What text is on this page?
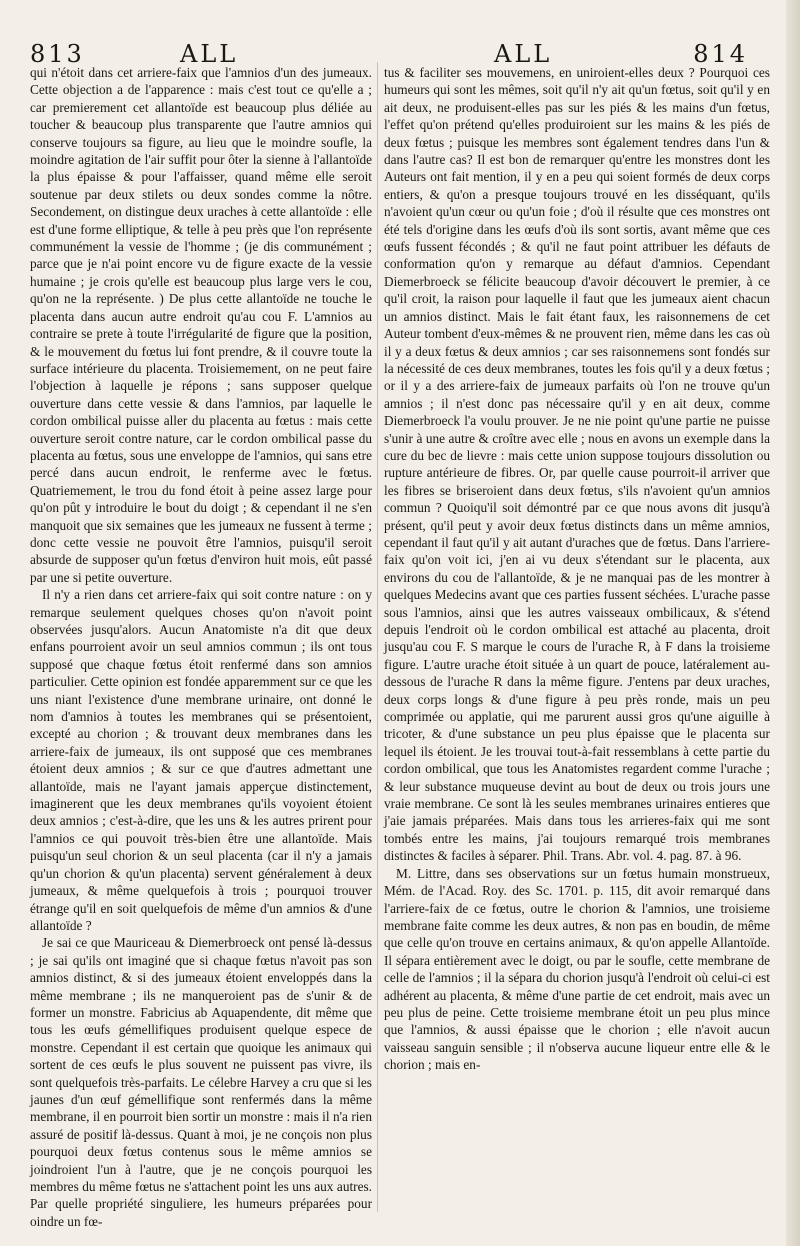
813	ALL	ALL	814

qui n'étoit dans cet arriere-faix que l'amnios d'un des jumeaux. Cette objection a de l'apparence : mais c'est tout ce qu'elle a ; car premierement cet allantoïde est beaucoup plus déliée au toucher & beaucoup plus transparente que l'autre amnios qui conserve toujours sa figure, au lieu que le moindre soufle, la moindre agitation de l'air suffit pour ôter la sienne à l'allantoïde la plus épaisse & pour l'affaisser, quand même elle seroit soutenue par deux stilets ou deux sondes comme la nôtre. Secondement, on distingue deux uraches à cette allantoïde : elle est d'une forme elliptique, & telle à peu près que l'on représente communément la vessie de l'homme ; (je dis communément ; parce que je n'ai point encore vu de figure exacte de la vessie humaine ; je crois qu'elle est beaucoup plus large vers le cou, qu'on ne la représente. ) De plus cette allantoïde ne touche le placenta dans aucun autre endroit qu'au cou F. L'amnios au contraire se prete à toute l'irrégularité de figure que la position, & le mouvement du fœtus lui font prendre, & il couvre toute la surface intérieure du placenta. Troisiemement, on ne peut faire l'objection à laquelle je répons ; sans supposer quelque ouverture dans cette vessie & dans l'amnios, par laquelle le cordon ombilical puisse aller du placenta au fœtus : mais cette ouverture seroit contre nature, car le cordon ombilical passe du placenta au fœtus, sous une enveloppe de l'amnios, qui sans etre percé dans aucun endroit, le renferme avec le fœtus. Quatriemement, le trou du fond étoit à peine assez large pour qu'on pût y introduire le bout du doigt ; & cependant il ne s'en manquoit que six semaines que les jumeaux ne fussent à terme ; donc cette vessie ne pouvoit être l'amnios, puisqu'il seroit absurde de supposer qu'un fœtus d'environ huit mois, eût passé par une si petite ouverture.

Il n'y a rien dans cet arriere-faix qui soit contre nature : on y remarque seulement quelques choses qu'on n'avoit point observées jusqu'alors. Aucun Anatomiste n'a dit que deux enfans pourroient avoir un seul amnios commun ; ils ont tous supposé que chaque fœtus étoit renfermé dans son amnios particulier. Cette opinion est fondée apparemment sur ce que les uns niant l'existence d'une membrane urinaire, ont donné le nom d'amnios à toutes les membranes qui se présentoient, excepté au chorion ; & trouvant deux membranes dans les arriere-faix de jumeaux, ils ont supposé que ces membranes étoient deux amnios ; & sur ce que d'autres admettant une allantoïde, mais ne l'ayant jamais apperçue distinctement, imaginerent que les deux membranes qu'ils voyoient étoient deux amnios ; c'est-à-dire, que les uns & les autres prirent pour l'amnios ce qui pouvoit très-bien être une allantoïde. Mais puisqu'un seul chorion & un seul placenta (car il n'y a jamais qu'un chorion & qu'un placenta) servent généralement à deux jumeaux, & même quelquefois à trois ; pourquoi trouver étrange qu'il en soit quelquefois de même d'un amnios & d'une allantoïde ?

Je sai ce que Mauriceau & Diemerbroeck ont pensé là-dessus ; je sai qu'ils ont imaginé que si chaque fœtus n'avoit pas son amnios distinct, & si des jumeaux étoient enveloppés dans la même membrane ; ils ne manqueroient pas de s'unir & de former un monstre. Fabricius ab Aquapendente, dit même que tous les œufs gémellifiques produisent quelque espece de monstre. Cependant il est certain que quoique les animaux qui sortent de ces œufs le plus souvent ne puissent pas vivre, ils sont quelquefois très-parfaits. Le célebre Harvey a cru que si les jaunes d'un œuf gémellifique sont renfermés dans la même membrane, il en pourroit bien sortir un monstre : mais il n'a rien assuré de positif là-dessus. Quant à moi, je ne conçois non plus pourquoi deux fœtus contenus sous le même amnios se joindroient l'un à l'autre, que je ne conçois pourquoi les membres du même fœtus ne s'attachent point les uns aux autres. Par quelle propriété singuliere, les humeurs préparées pour oindre un fœ-

tus & faciliter ses mouvemens, en uniroient-elles deux ? Pourquoi ces humeurs qui sont les mêmes, soit qu'il n'y ait qu'un fœtus, soit qu'il y en ait deux, ne produisent-elles pas sur les piés & les mains d'un fœtus, l'effet qu'on prétend qu'elles produiroient sur les mains & les piés de deux fœtus ; puisque les membres sont également tendres dans l'un & dans l'autre cas? Il est bon de remarquer qu'entre les monstres dont les Auteurs ont fait mention, il y en a peu qui soient formés de deux corps entiers, & qu'on a presque toujours trouvé en les disséquant, qu'ils n'avoient qu'un cœur ou qu'un foie ; d'où il résulte que ces monstres ont été tels d'origine dans les œufs d'où ils sont sortis, avant même que ces œufs fussent fécondés ; & qu'il ne faut point attribuer les défauts de conformation qu'on y remarque au défaut d'amnios. Cependant Diemerbroeck se félicite beaucoup d'avoir découvert le premier, à ce qu'il croit, la raison pour laquelle il faut que les jumeaux aient chacun un amnios distinct. Mais le fait étant faux, les raisonnemens de cet Auteur tombent d'eux-mêmes & ne prouvent rien, même dans les cas où il y a deux fœtus & deux amnios ; car ses raisonnemens sont fondés sur la nécessité de ces deux membranes, toutes les fois qu'il y a deux fœtus ; or il y a des arriere-faix de jumeaux parfaits où l'on ne trouve qu'un amnios ; il n'est donc pas nécessaire qu'il y en ait deux, comme Diemerbroeck l'a voulu prouver. Je ne nie point qu'une partie ne puisse s'unir à une autre & croître avec elle ; nous en avons un exemple dans la cure du bec de lievre : mais cette union suppose toujours dissolution ou rupture antérieure de fibres. Or, par quelle cause pourroit-il arriver que les fibres se briseroient dans deux fœtus, s'ils n'avoient qu'un amnios commun ? Quoiqu'il soit démontré par ce que nous avons dit jusqu'à présent, qu'il peut y avoir deux fœtus distincts dans un même amnios, cependant il faut qu'il y ait autant d'uraches que de fœtus. Dans l'arriere-faix qu'on voit ici, j'en ai vu deux s'étendant sur le placenta, aux environs du cou de l'allantoïde, & je ne manquai pas de les montrer à quelques Medecins avant que ces parties fussent séchées. L'urache passe sous l'amnios, ainsi que les autres vaisseaux ombilicaux, & s'étend depuis l'endroit où le cordon ombilical est attaché au placenta, droit jusqu'au cou F. S marque le cours de l'urache R, à F dans la troisieme figure. L'autre urache étoit située à un quart de pouce, latéralement au-dessous de l'urache R dans la même figure. J'entens par deux uraches, deux corps longs & d'une figure à peu près ronde, mais un peu comprimée ou applatie, qui me parurent aussi gros qu'une aiguille à tricoter, & d'une substance un peu plus épaisse que le placenta sur lequel ils étoient. Je les trouvai tout-à-fait ressemblans à cette partie du cordon ombilical, que tous les Anatomistes regardent comme l'urache ; & leur substance muqueuse devint au bout de deux ou trois jours une vraie membrane. Ce sont là les seules membranes urinaires entieres que j'aie jamais préparées. Mais dans tous les arrieres-faix qui me sont tombés entre les mains, j'ai toujours remarqué trois membranes distinctes & faciles à séparer. Phil. Trans. Abr. vol. 4. pag. 87. à 96.

M. Littre, dans ses observations sur un fœtus humain monstrueux, Mém. de l'Acad. Roy. des Sc. 1701. p. 115, dit avoir remarqué dans l'arriere-faix de ce fœtus, outre le chorion & l'amnios, une troisieme membrane faite comme les deux autres, & non pas en boudin, de même que celle qu'on trouve en certains animaux, & qu'on appelle Allantoïde. Il sépara entièrement avec le doigt, ou par le soufle, cette membrane de celle de l'amnios ; il la sépara du chorion jusqu'à l'endroit où celui-ci est adhérent au placenta, & même d'une partie de cet endroit, mais avec un peu plus de peine. Cette troisieme membrane étoit un peu plus mince que l'amnios, & aussi épaisse que le chorion ; elle n'avoit aucun vaisseau sanguin sensible ; il n'observa aucune liqueur entre elle & le chorion ; mais en-
